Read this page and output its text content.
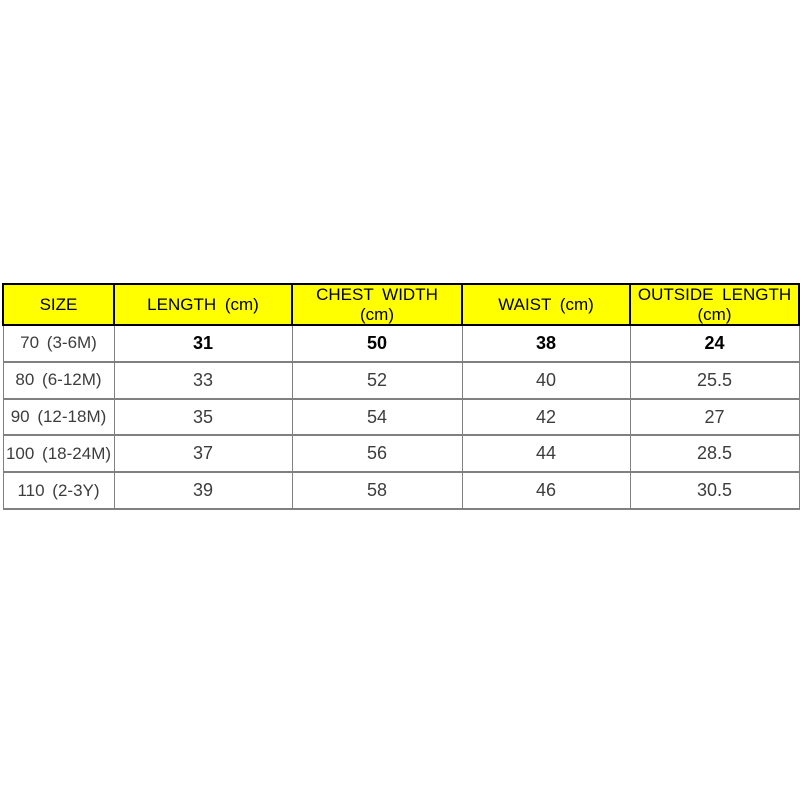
SIZE	LENGTH (cm)	CHEST WIDTH (cm)	WAIST (cm)	OUTSIDE LENGTH (cm)
70 (3-6M)	31	50	38	24
80 (6-12M)	33	52	40	25.5
90 (12-18M)	35	54	42	27
100 (18-24M)	37	56	44	28.5
110 (2-3Y)	39	58	46	30.5
